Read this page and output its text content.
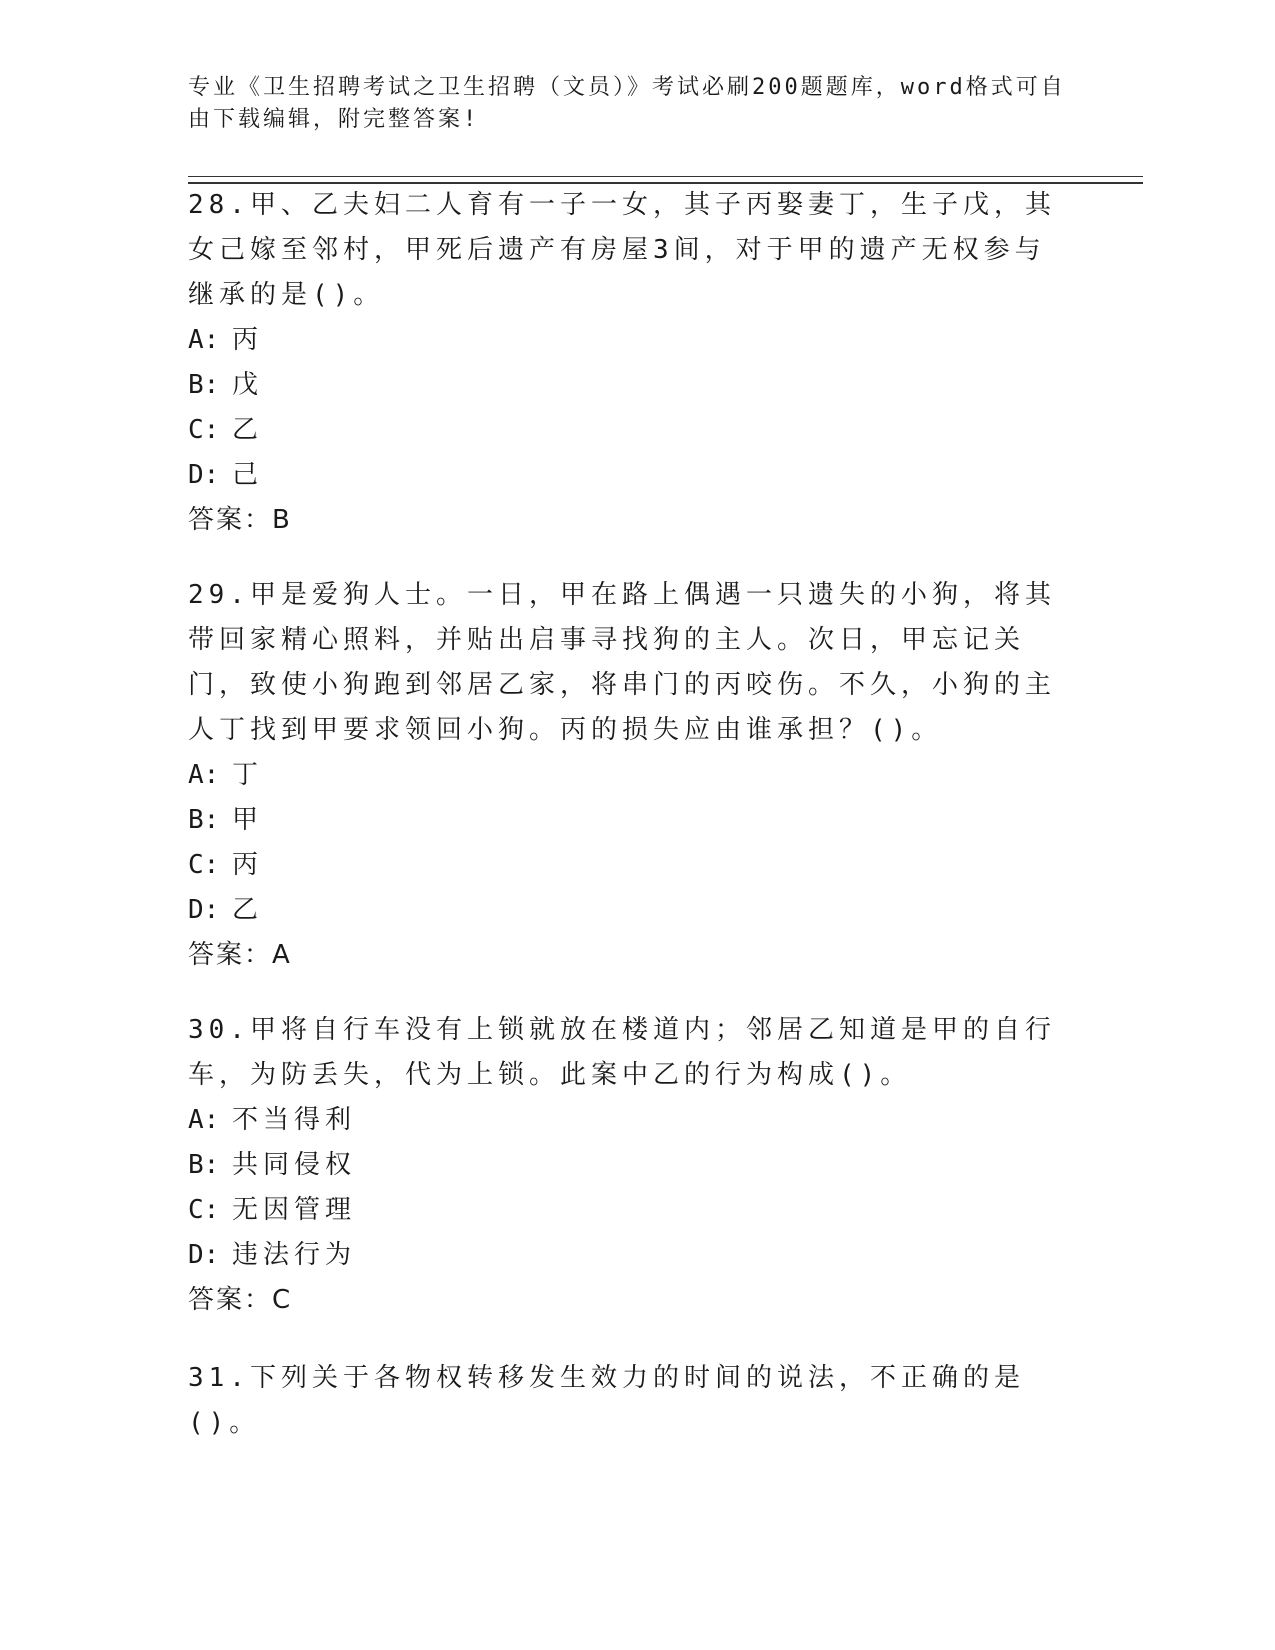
专业《卫生招聘考试之卫生招聘（文员）》考试必刷200题题库，word格式可自由下载编辑，附完整答案!

28.甲、乙夫妇二人育有一子一女，其子丙娶妻丁，生子戊，其女己嫁至邻村，甲死后遗产有房屋3间，对于甲的遗产无权参与继承的是()。

A: 丙

B: 戊

C: 乙

D: 己

答案：B

29.甲是爱狗人士。一日，甲在路上偶遇一只遗失的小狗，将其带回家精心照料，并贴出启事寻找狗的主人。次日，甲忘记关门，致使小狗跑到邻居乙家，将串门的丙咬伤。不久，小狗的主人丁找到甲要求领回小狗。丙的损失应由谁承担？()。

A: 丁

B: 甲

C: 丙

D: 乙

答案：A

30.甲将自行车没有上锁就放在楼道内；邻居乙知道是甲的自行车，为防丢失，代为上锁。此案中乙的行为构成()。

A: 不当得利

B: 共同侵权

C: 无因管理

D: 违法行为

答案：C

31.下列关于各物权转移发生效力的时间的说法，不正确的是()。
